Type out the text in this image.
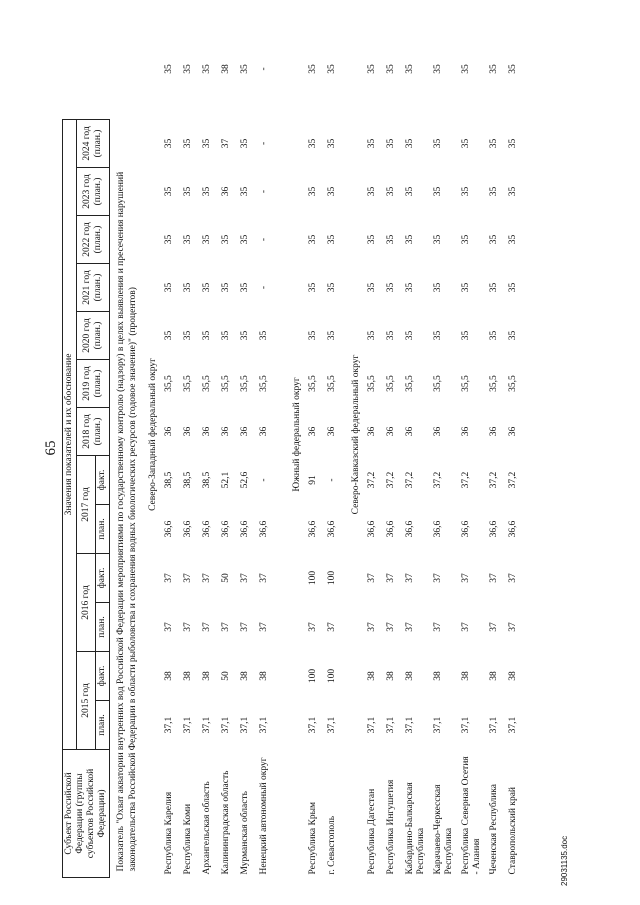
65
Субъект Российской Федерации (группы субъектов Российской Федерации)	Значения показателей и их обоснование													
	2015 год		2016 год		2017 год		2018 год (план.)	2019 год (план.)	2020 год (план.)	2021 год (план.)	2022 год (план.)	2023 год (план.)	2024 год (план.)	
	план.	факт.	план.	факт.	план.	факт.								
Показатель "Охват акватории внутренних вод Российской Федерации мероприятиями по государственному контролю (надзору) в целях выявления и пресечения нарушений законодательства Российской Федерации в области рыболовства и сохранения водных биологических ресурсов (годовое значение)" (процентов)														
	Северо-Западный федеральный округ													
Республика Карелия	37,1	38	37	37	36,6	38,5	36	35,5	35	35	35	35	35	35
Республика Коми	37,1	38	37	37	36,6	38,5	36	35,5	35	35	35	35	35	35
Архангельская область	37,1	38	37	37	36,6	38,5	36	35,5	35	35	35	35	35	35
Калининградская область	37,1	50	37	50	36,6	52,1	36	35,5	35	35	35	36	37	38
Мурманская область	37,1	38	37	37	36,6	52,6	36	35,5	35	35	35	35	35	35
Ненецкий автономный округ	37,1	38	37	37	36,6	-	36	35,5	35	-	-	-	-	-
	Южный федеральный округ													
Республика Крым	37,1	100	37	100	36,6	91	36	35,5	35	35	35	35	35	35
г. Севастополь	37,1	100	37	100	36,6	-	36	35,5	35	35	35	35	35	35
	Северо-Кавказский федеральный округ													
Республика Дагестан	37,1	38	37	37	36,6	37,2	36	35,5	35	35	35	35	35	35
Республика Ингушетия	37,1	38	37	37	36,6	37,2	36	35,5	35	35	35	35	35	35
Кабардино-Балкарская Республика	37,1	38	37	37	36,6	37,2	36	35,5	35	35	35	35	35	35
Карачаево-Черкесская Республика	37,1	38	37	37	36,6	37,2	36	35,5	35	35	35	35	35	35
Республика Северная Осетия - Алания	37,1	38	37	37	36,6	37,2	36	35,5	35	35	35	35	35	35
Чеченская Республика	37,1	38	37	37	36,6	37,2	36	35,5	35	35	35	35	35	35
Ставропольский край	37,1	38	37	37	36,6	37,2	36	35,5	35	35	35	35	35	35
29031135.doc
